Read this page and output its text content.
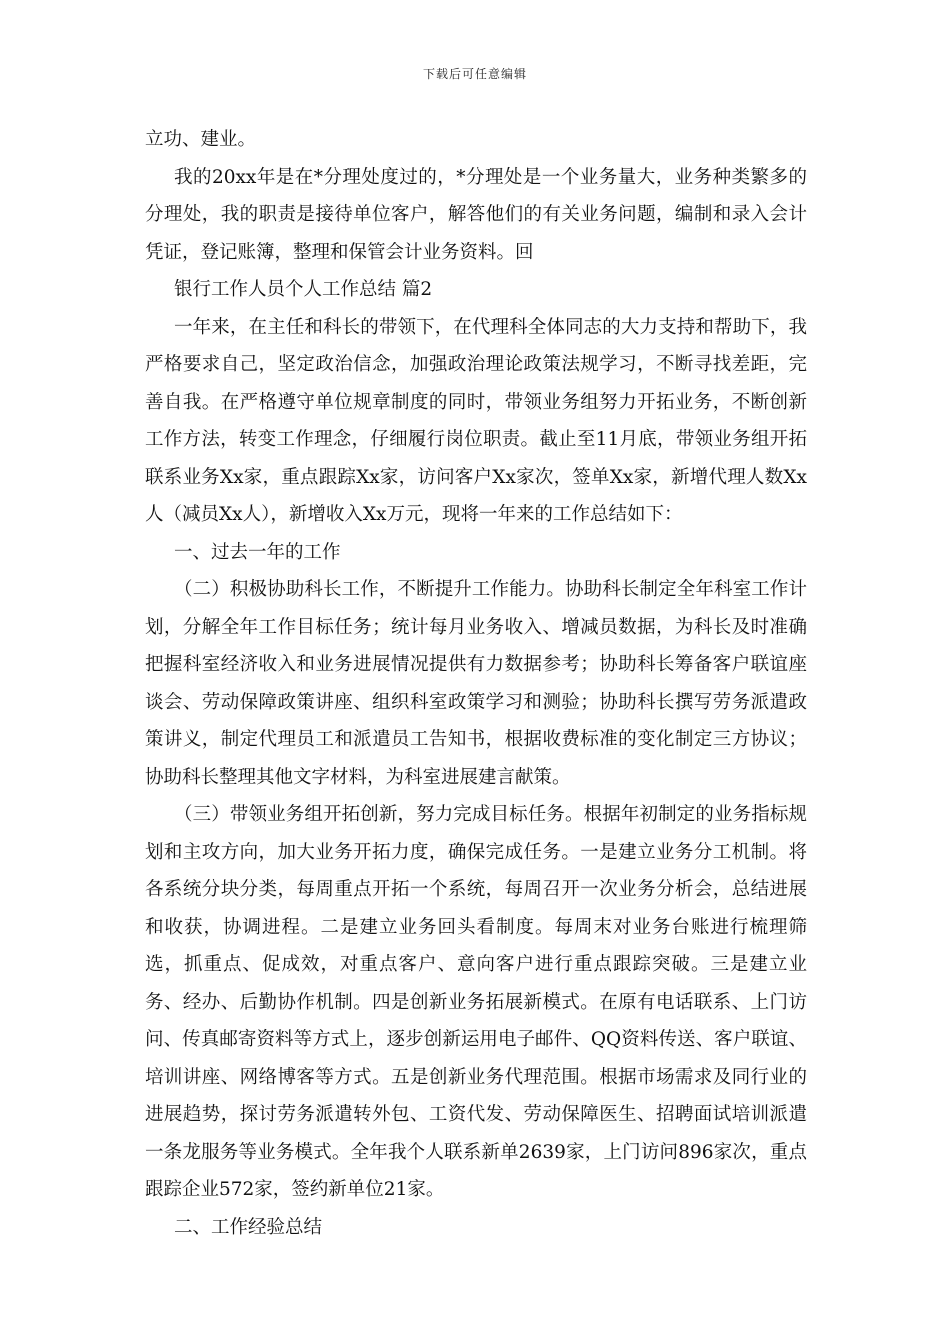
下载后可任意编辑

立功、建业。

我的20xx年是在*分理处度过的，*分理处是一个业务量大，业务种类繁多的分理处，我的职责是接待单位客户，解答他们的有关业务问题，编制和录入会计凭证，登记账簿，整理和保管会计业务资料。回

银行工作人员个人工作总结 篇2

一年来，在主任和科长的带领下，在代理科全体同志的大力支持和帮助下，我严格要求自己，坚定政治信念，加强政治理论政策法规学习，不断寻找差距，完善自我。在严格遵守单位规章制度的同时，带领业务组努力开拓业务，不断创新工作方法，转变工作理念，仔细履行岗位职责。截止至11月底，带领业务组开拓联系业务Xx家，重点跟踪Xx家，访问客户Xx家次，签单Xx家，新增代理人数Xx人（减员Xx人），新增收入Xx万元，现将一年来的工作总结如下：

一、过去一年的工作

（二）积极协助科长工作，不断提升工作能力。协助科长制定全年科室工作计划，分解全年工作目标任务；统计每月业务收入、增减员数据，为科长及时准确把握科室经济收入和业务进展情况提供有力数据参考；协助科长筹备客户联谊座谈会、劳动保障政策讲座、组织科室政策学习和测验；协助科长撰写劳务派遣政策讲义，制定代理员工和派遣员工告知书，根据收费标准的变化制定三方协议；协助科长整理其他文字材料，为科室进展建言献策。

（三）带领业务组开拓创新，努力完成目标任务。根据年初制定的业务指标规划和主攻方向，加大业务开拓力度，确保完成任务。一是建立业务分工机制。将各系统分块分类，每周重点开拓一个系统，每周召开一次业务分析会，总结进展和收获，协调进程。二是建立业务回头看制度。每周末对业务台账进行梳理筛选，抓重点、促成效，对重点客户、意向客户进行重点跟踪突破。三是建立业务、经办、后勤协作机制。四是创新业务拓展新模式。在原有电话联系、上门访问、传真邮寄资料等方式上，逐步创新运用电子邮件、QQ资料传送、客户联谊、培训讲座、网络博客等方式。五是创新业务代理范围。根据市场需求及同行业的进展趋势，探讨劳务派遣转外包、工资代发、劳动保障医生、招聘面试培训派遣一条龙服务等业务模式。全年我个人联系新单2639家，上门访问896家次，重点跟踪企业572家，签约新单位21家。

二、工作经验总结
